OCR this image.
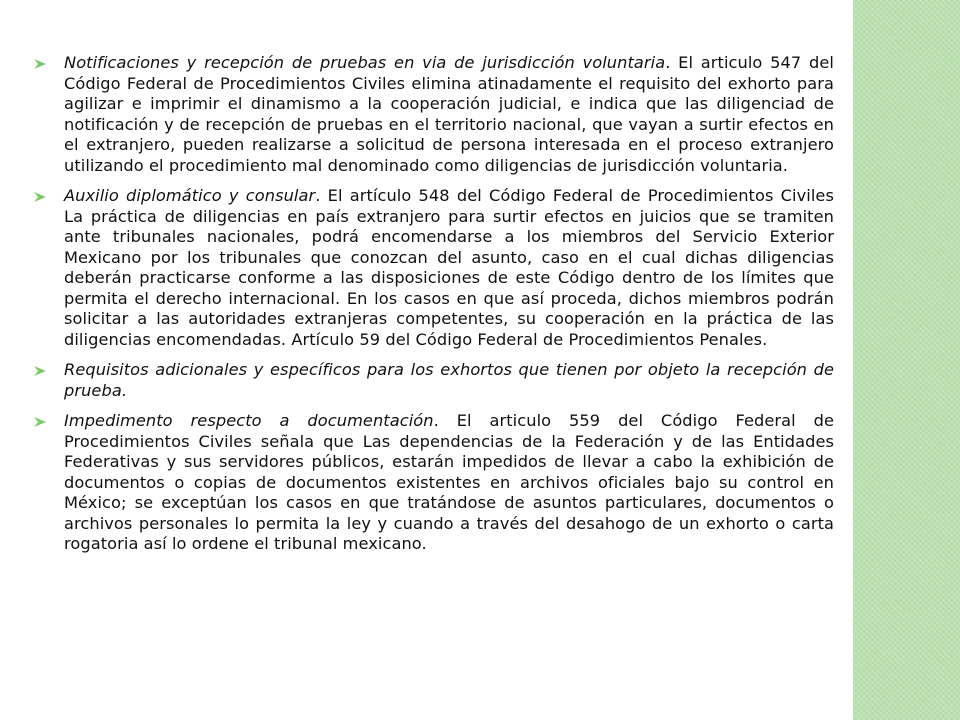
Notificaciones y recepción de pruebas en via de jurisdicción voluntaria. El articulo 547 del Código Federal de Procedimientos Civiles elimina atinadamente el requisito del exhorto para agilizar e imprimir el dinamismo a la cooperación judicial, e indica que las diligenciad de notificación y de recepción de pruebas en el territorio nacional, que vayan a surtir efectos en el extranjero, pueden realizarse a solicitud de persona interesada en el proceso extranjero utilizando el procedimiento mal denominado como diligencias de jurisdicción voluntaria.
Auxilio diplomático y consular. El artículo 548 del Código Federal de Procedimientos Civiles La práctica de diligencias en país extranjero para surtir efectos en juicios que se tramiten ante tribunales nacionales, podrá encomendarse a los miembros del Servicio Exterior Mexicano por los tribunales que conozcan del asunto, caso en el cual dichas diligencias deberán practicarse conforme a las disposiciones de este Código dentro de los límites que permita el derecho internacional. En los casos en que así proceda, dichos miembros podrán solicitar a las autoridades extranjeras competentes, su cooperación en la práctica de las diligencias encomendadas. Artículo 59 del Código Federal de Procedimientos Penales.
Requisitos adicionales y específicos para los exhortos que tienen por objeto la recepción de prueba.
Impedimento respecto a documentación. El articulo 559 del Código Federal de Procedimientos Civiles señala que Las dependencias de la Federación y de las Entidades Federativas y sus servidores públicos, estarán impedidos de llevar a cabo la exhibición de documentos o copias de documentos existentes en archivos oficiales bajo su control en México; se exceptúan los casos en que tratándose de asuntos particulares, documentos o archivos personales lo permita la ley y cuando a través del desahogo de un exhorto o carta rogatoria así lo ordene el tribunal mexicano.
